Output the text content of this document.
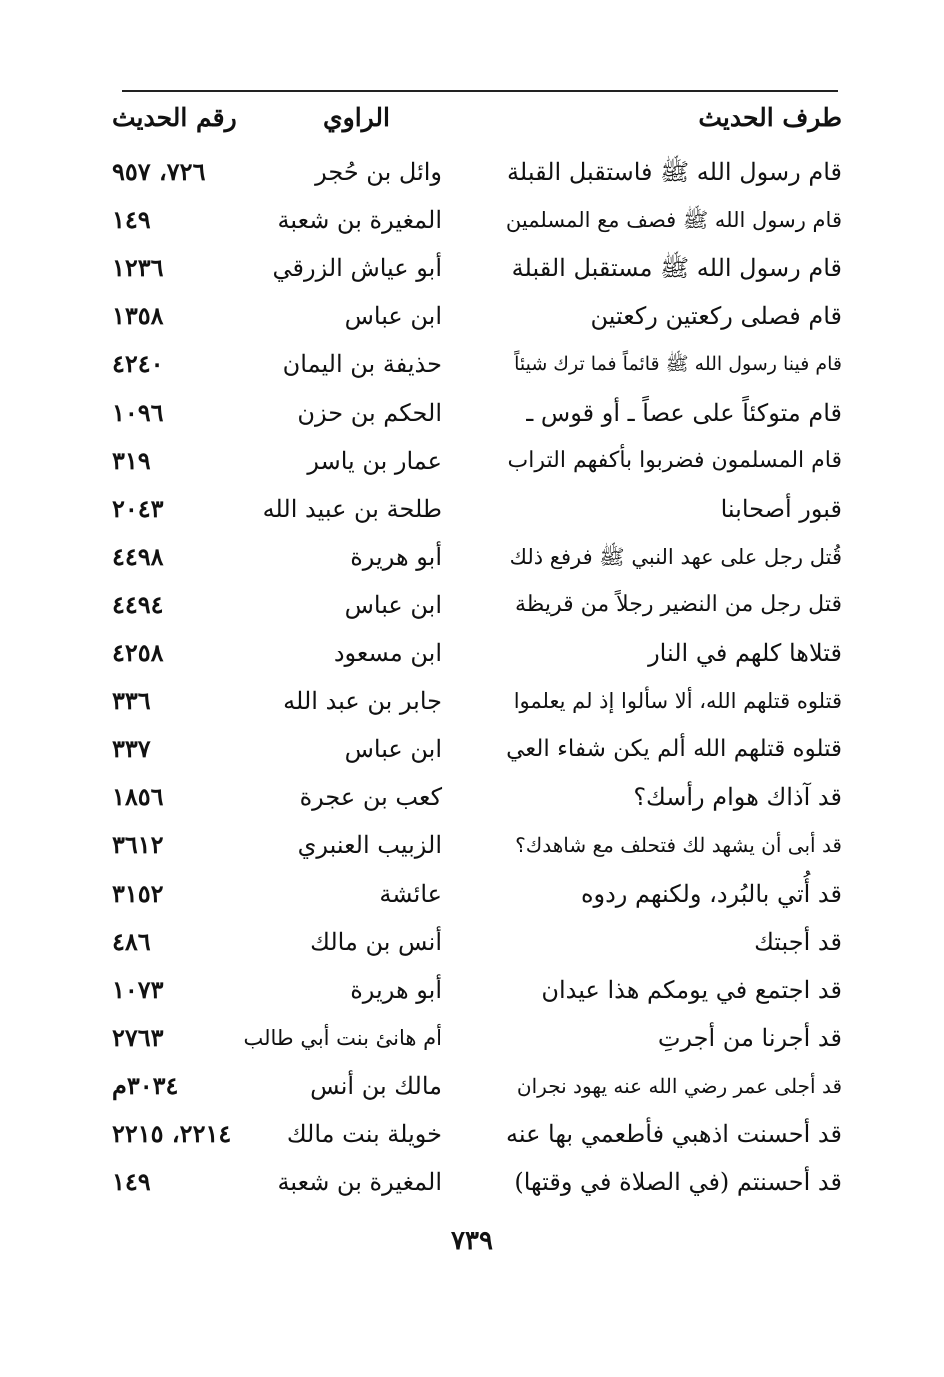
طرف الحديث
الراوي
رقم الحديث
قام رسول الله ﷺ فاستقبل القبلة
وائل بن حُجر
٧٢٦، ٩٥٧
قام رسول الله ﷺ فصف مع المسلمين
المغيرة بن شعبة
١٤٩
قام رسول الله ﷺ مستقبل القبلة
أبو عياش الزرقي
١٢٣٦
قام فصلى ركعتين ركعتين
ابن عباس
١٣٥٨
قام فينا رسول الله ﷺ قائماً فما ترك شيئاً
حذيفة بن اليمان
٤٢٤٠
قام متوكئاً على عصاً ـ أو قوس ـ
الحكم بن حزن
١٠٩٦
قام المسلمون فضربوا بأكفهم التراب
عمار بن ياسر
٣١٩
قبور أصحابنا
طلحة بن عبيد الله
٢٠٤٣
قُتل رجل على عهد النبي ﷺ فرفع ذلك
أبو هريرة
٤٤٩٨
قتل رجل من النضير رجلاً من قريظة
ابن عباس
٤٤٩٤
قتلاها كلهم في النار
ابن مسعود
٤٢٥٨
قتلوه قتلهم الله، ألا سألوا إذ لم يعلموا
جابر بن عبد الله
٣٣٦
قتلوه قتلهم الله ألم يكن شفاء العي
ابن عباس
٣٣٧
قد آذاك هوام رأسك؟
كعب بن عجرة
١٨٥٦
قد أبى أن يشهد لك فتحلف مع شاهدك؟
الزبيب العنبري
٣٦١٢
قد أُتي بالبُرد، ولكنهم ردوه
عائشة
٣١٥٢
قد أجبتك
أنس بن مالك
٤٨٦
قد اجتمع في يومكم هذا عيدان
أبو هريرة
١٠٧٣
قد أجرنا من أجرتِ
أم هانئ بنت أبي طالب
٢٧٦٣
قد أجلى عمر رضي الله عنه يهود نجران
مالك بن أنس
٣٠٣٤م
قد أحسنت اذهبي فأطعمي بها عنه
خويلة بنت مالك
٢٢١٤، ٢٢١٥
قد أحسنتم (في الصلاة في وقتها)
المغيرة بن شعبة
١٤٩
٧٣٩
